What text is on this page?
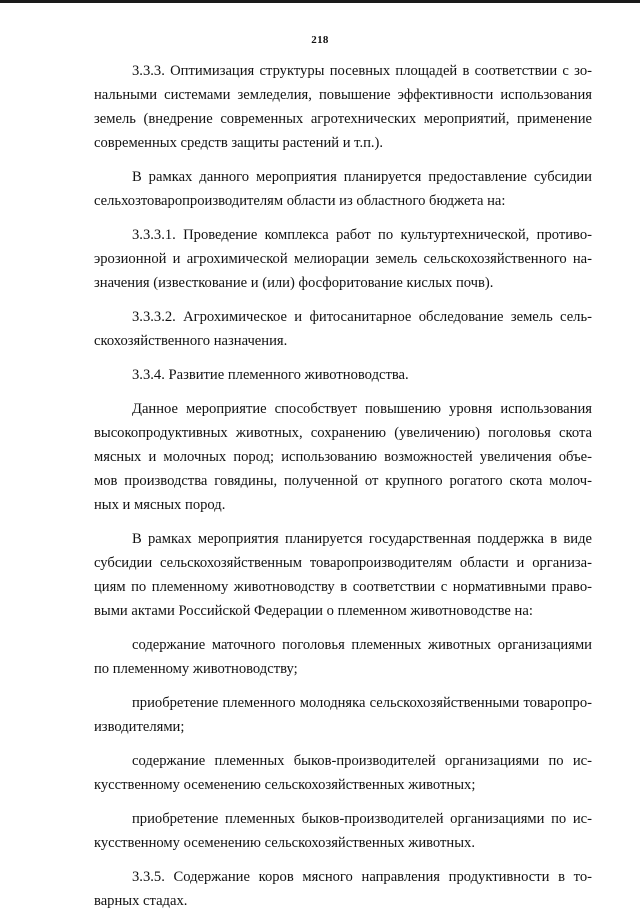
218

3.3.3. Оптимизация структуры посевных площадей в соответствии с зо-
нальными системами земледелия, повышение эффективности использования
земель (внедрение современных агротехнических мероприятий, применение
современных средств защиты растений и т.п.).

В рамках данного мероприятия планируется предоставление субсидии
сельхозтоваропроизводителям области из областного бюджета на:

3.3.3.1. Проведение комплекса работ по культуртехнической, противо-
эрозионной и агрохимической мелиорации земель сельскохозяйственного на-
значения (известкование и (или) фосфоритование кислых почв).

3.3.3.2. Агрохимическое и фитосанитарное обследование земель сель-
скохозяйственного назначения.

3.3.4. Развитие племенного животноводства.

Данное мероприятие способствует повышению уровня использования
высокопродуктивных животных, сохранению (увеличению) поголовья скота
мясных и молочных пород; использованию возможностей увеличения объе-
мов производства говядины, полученной от крупного рогатого скота молоч-
ных и мясных пород.

В рамках мероприятия планируется государственная поддержка в виде
субсидии сельскохозяйственным товаропроизводителям области и организа-
циям по племенному животноводству в соответствии с нормативными право-
выми актами Российской Федерации о племенном животноводстве на:

содержание маточного поголовья племенных животных организациями
по племенному животноводству;

приобретение племенного молодняка сельскохозяйственными товаропро-
изводителями;

содержание племенных быков-производителей организациями по ис-
кусственному осеменению сельскохозяйственных животных;

приобретение племенных быков-производителей организациями по ис-
кусственному осеменению сельскохозяйственных животных.

3.3.5. Содержание коров мясного направления продуктивности в то-
варных стадах.
